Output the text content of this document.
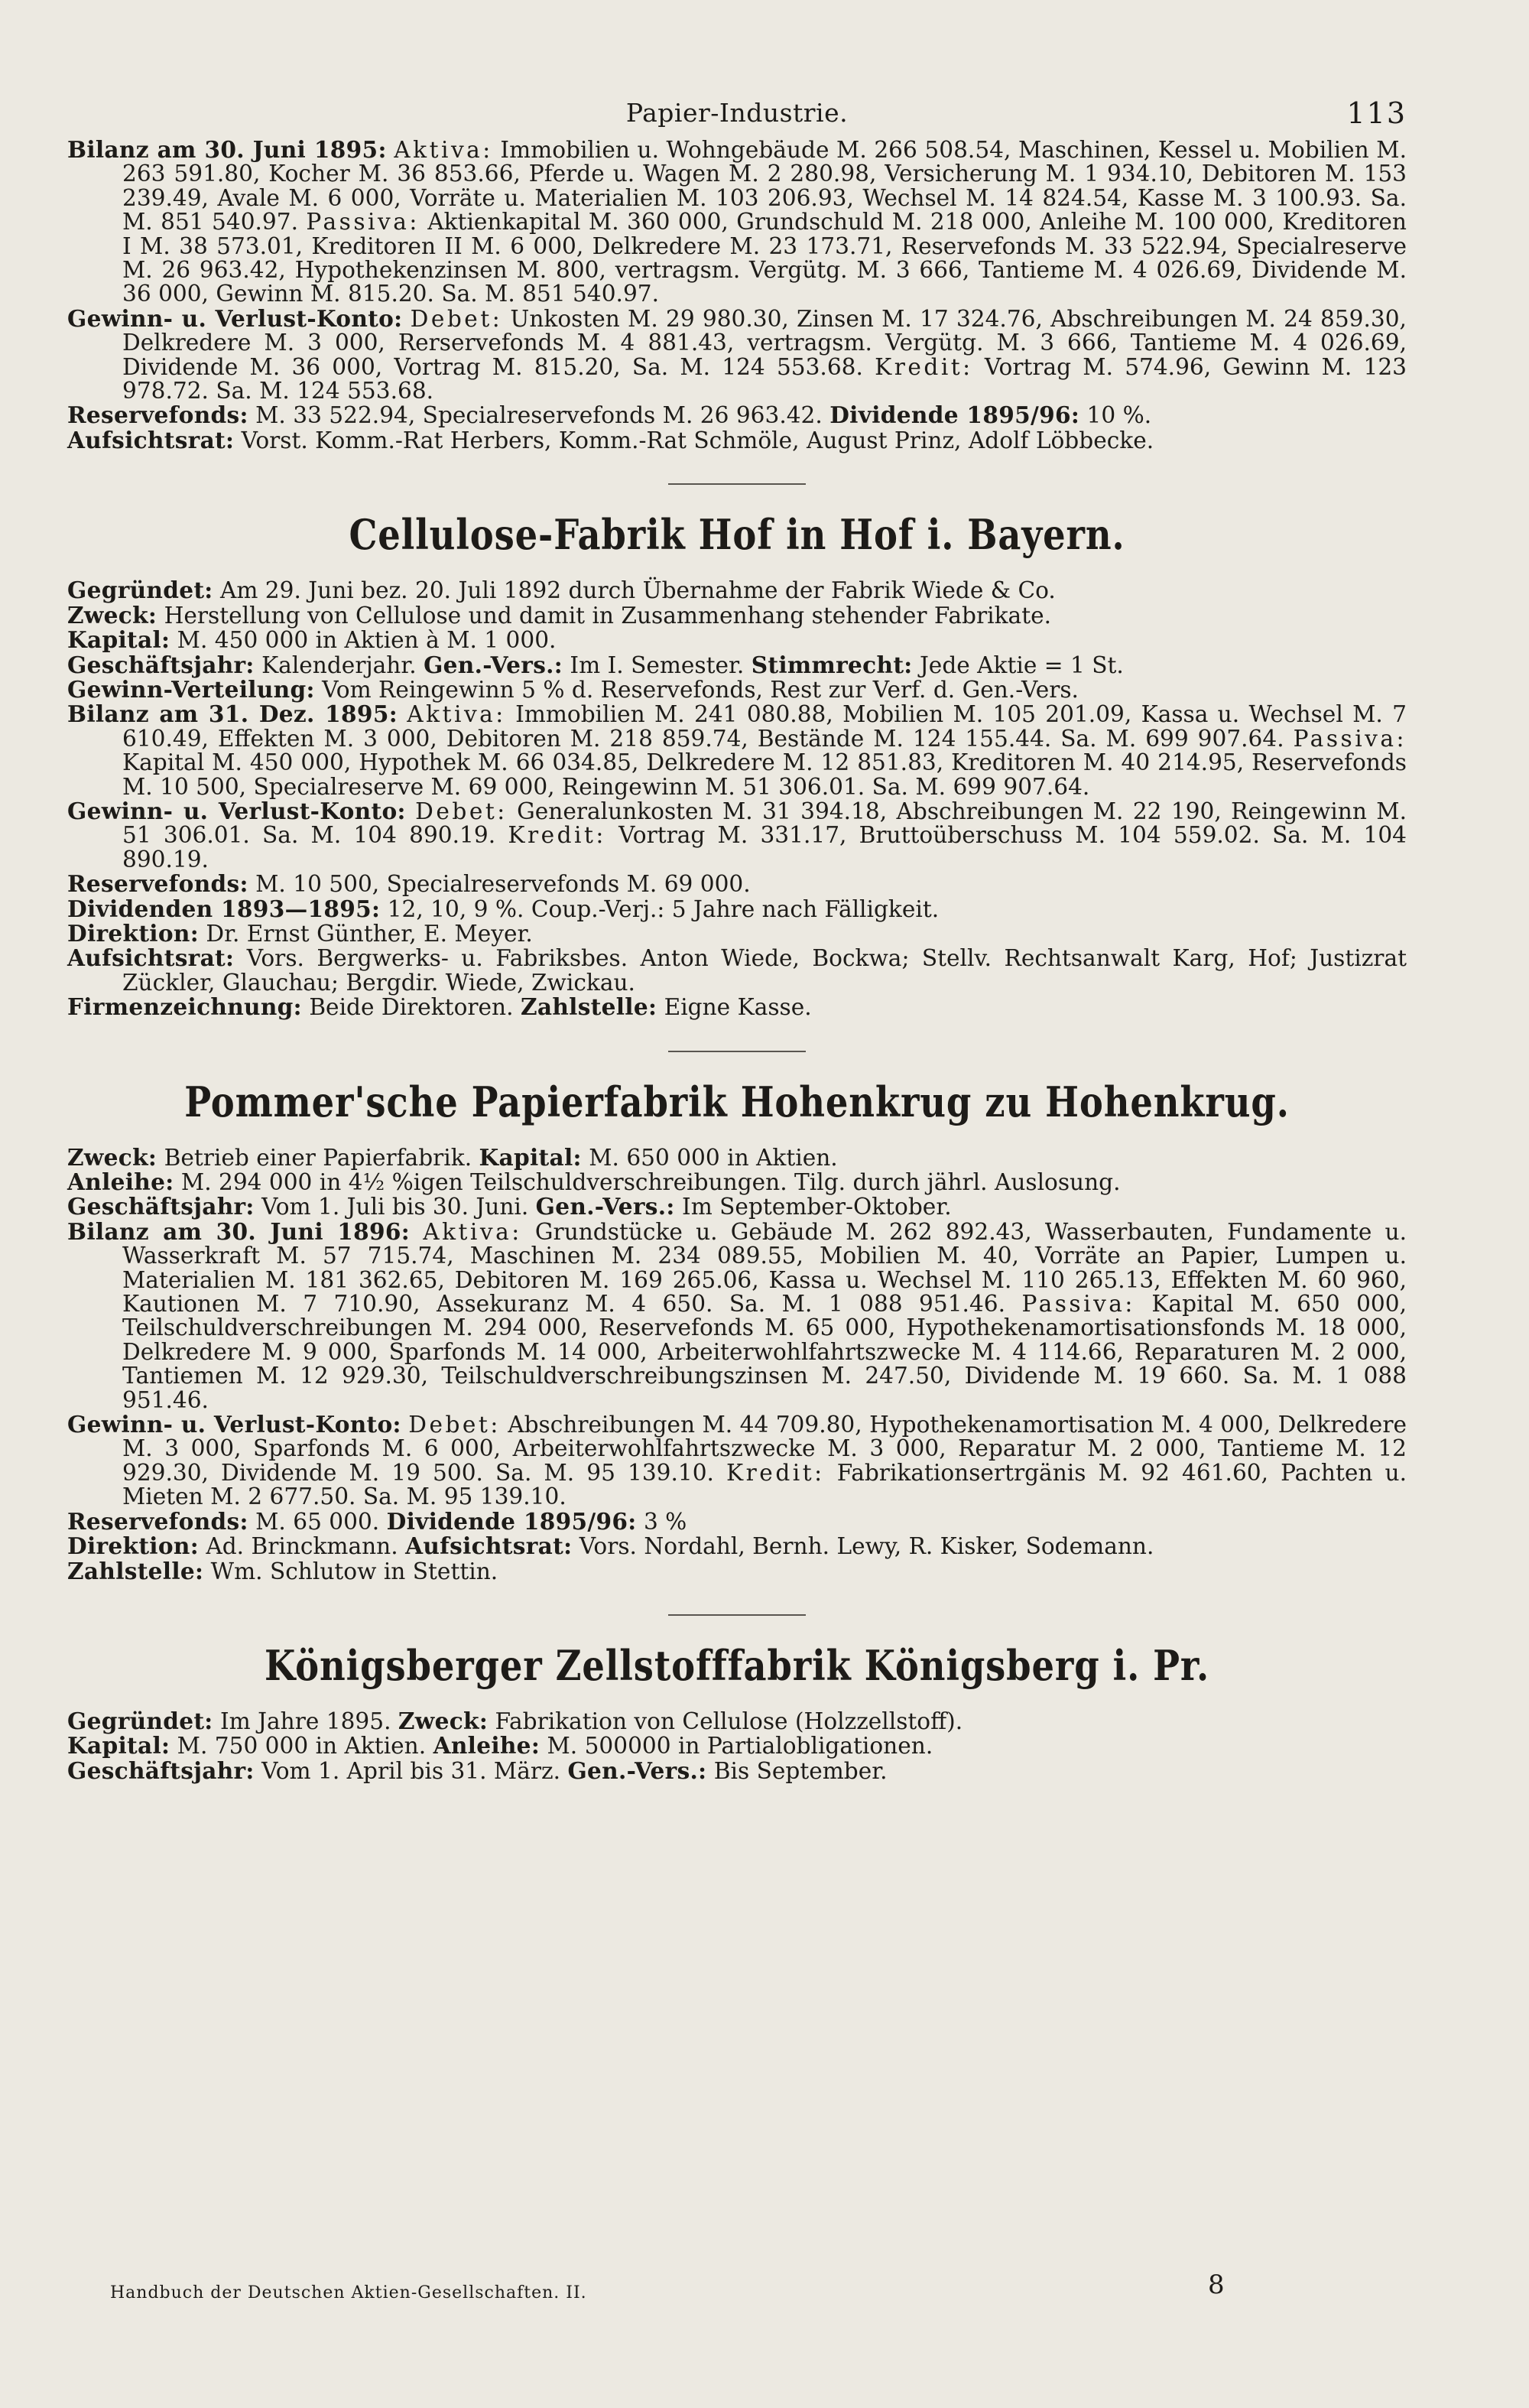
Papier-Industrie.	113

Bilanz am 30. Juni 1895: Aktiva: Immobilien u. Wohngebäude M. 266 508.54, Maschinen, Kessel u. Mobilien M. 263 591.80, Kocher M. 36 853.66, Pferde u. Wagen M. 2 280.98, Versicherung M. 1 934.10, Debitoren M. 153 239.49, Avale M. 6 000, Vorräte u. Materialien M. 103 206.93, Wechsel M. 14 824.54, Kasse M. 3 100.93. Sa. M. 851 540.97. Passiva: Aktienkapital M. 360 000, Grundschuld M. 218 000, Anleihe M. 100 000, Kreditoren I M. 38 573.01, Kreditoren II M. 6 000, Delkredere M. 23 173.71, Reservefonds M. 33 522.94, Specialreserve M. 26 963.42, Hypothekenzinsen M. 800, vertragsm. Vergütg. M. 3 666, Tantieme M. 4 026.69, Dividende M. 36 000, Gewinn M. 815.20. Sa. M. 851 540.97.

Gewinn- u. Verlust-Konto: Debet: Unkosten M. 29 980.30, Zinsen M. 17 324.76, Abschreibungen M. 24 859.30, Delkredere M. 3 000, Rerservefonds M. 4 881.43, vertragsm. Vergütg. M. 3 666, Tantieme M. 4 026.69, Dividende M. 36 000, Vortrag M. 815.20, Sa. M. 124 553.68. Kredit: Vortrag M. 574.96, Gewinn M. 123 978.72. Sa. M. 124 553.68.

Reservefonds: M. 33 522.94, Specialreservefonds M. 26 963.42. Dividende 1895/96: 10 %.

Aufsichtsrat: Vorst. Komm.-Rat Herbers, Komm.-Rat Schmöle, August Prinz, Adolf Löbbecke.

Cellulose-Fabrik Hof in Hof i. Bayern.

Gegründet: Am 29. Juni bez. 20. Juli 1892 durch Übernahme der Fabrik Wiede & Co.

Zweck: Herstellung von Cellulose und damit in Zusammenhang stehender Fabrikate.

Kapital: M. 450 000 in Aktien à M. 1 000.

Geschäftsjahr: Kalenderjahr. Gen.-Vers.: Im I. Semester. Stimmrecht: Jede Aktie = 1 St.

Gewinn-Verteilung: Vom Reingewinn 5 % d. Reservefonds, Rest zur Verf. d. Gen.-Vers.

Bilanz am 31. Dez. 1895: Aktiva: Immobilien M. 241 080.88, Mobilien M. 105 201.09, Kassa u. Wechsel M. 7 610.49, Effekten M. 3 000, Debitoren M. 218 859.74, Bestände M. 124 155.44. Sa. M. 699 907.64. Passiva: Kapital M. 450 000, Hypothek M. 66 034.85, Delkredere M. 12 851.83, Kreditoren M. 40 214.95, Reservefonds M. 10 500, Specialreserve M. 69 000, Reingewinn M. 51 306.01. Sa. M. 699 907.64.

Gewinn- u. Verlust-Konto: Debet: Generalunkosten M. 31 394.18, Abschreibungen M. 22 190, Reingewinn M. 51 306.01. Sa. M. 104 890.19. Kredit: Vortrag M. 331.17, Bruttoüberschuss M. 104 559.02. Sa. M. 104 890.19.

Reservefonds: M. 10 500, Specialreservefonds M. 69 000.

Dividenden 1893—1895: 12, 10, 9 %. Coup.-Verj.: 5 Jahre nach Fälligkeit.

Direktion: Dr. Ernst Günther, E. Meyer.

Aufsichtsrat: Vors. Bergwerks- u. Fabriksbes. Anton Wiede, Bockwa; Stellv. Rechtsanwalt Karg, Hof; Justizrat Zückler, Glauchau; Bergdir. Wiede, Zwickau.

Firmenzeichnung: Beide Direktoren. Zahlstelle: Eigne Kasse.

Pommer'sche Papierfabrik Hohenkrug zu Hohenkrug.

Zweck: Betrieb einer Papierfabrik. Kapital: M. 650 000 in Aktien.

Anleihe: M. 294 000 in 4½ %igen Teilschuldverschreibungen. Tilg. durch jährl. Auslosung.

Geschäftsjahr: Vom 1. Juli bis 30. Juni. Gen.-Vers.: Im September-Oktober.

Bilanz am 30. Juni 1896: Aktiva: Grundstücke u. Gebäude M. 262 892.43, Wasserbauten, Fundamente u. Wasserkraft M. 57 715.74, Maschinen M. 234 089.55, Mobilien M. 40, Vorräte an Papier, Lumpen u. Materialien M. 181 362.65, Debitoren M. 169 265.06, Kassa u. Wechsel M. 110 265.13, Effekten M. 60 960, Kautionen M. 7 710.90, Assekuranz M. 4 650. Sa. M. 1 088 951.46. Passiva: Kapital M. 650 000, Teilschuldverschreibungen M. 294 000, Reservefonds M. 65 000, Hypothekenamortisationsfonds M. 18 000, Delkredere M. 9 000, Sparfonds M. 14 000, Arbeiterwohlfahrtszwecke M. 4 114.66, Reparaturen M. 2 000, Tantiemen M. 12 929.30, Teilschuldverschreibungszinsen M. 247.50, Dividende M. 19 660. Sa. M. 1 088 951.46.

Gewinn- u. Verlust-Konto: Debet: Abschreibungen M. 44 709.80, Hypothekenamortisation M. 4 000, Delkredere M. 3 000, Sparfonds M. 6 000, Arbeiterwohlfahrtszwecke M. 3 000, Reparatur M. 2 000, Tantieme M. 12 929.30, Dividende M. 19 500. Sa. M. 95 139.10. Kredit: Fabrikationsertrgänis M. 92 461.60, Pachten u. Mieten M. 2 677.50. Sa. M. 95 139.10.

Reservefonds: M. 65 000. Dividende 1895/96: 3 %

Direktion: Ad. Brinckmann. Aufsichtsrat: Vors. Nordahl, Bernh. Lewy, R. Kisker, Sodemann.

Zahlstelle: Wm. Schlutow in Stettin.

Königsberger Zellstofffabrik Königsberg i. Pr.

Gegründet: Im Jahre 1895. Zweck: Fabrikation von Cellulose (Holzzellstoff).

Kapital: M. 750 000 in Aktien. Anleihe: M. 500000 in Partialobligationen.

Geschäftsjahr: Vom 1. April bis 31. März. Gen.-Vers.: Bis September.

Handbuch der Deutschen Aktien-Gesellschaften. II.	8
